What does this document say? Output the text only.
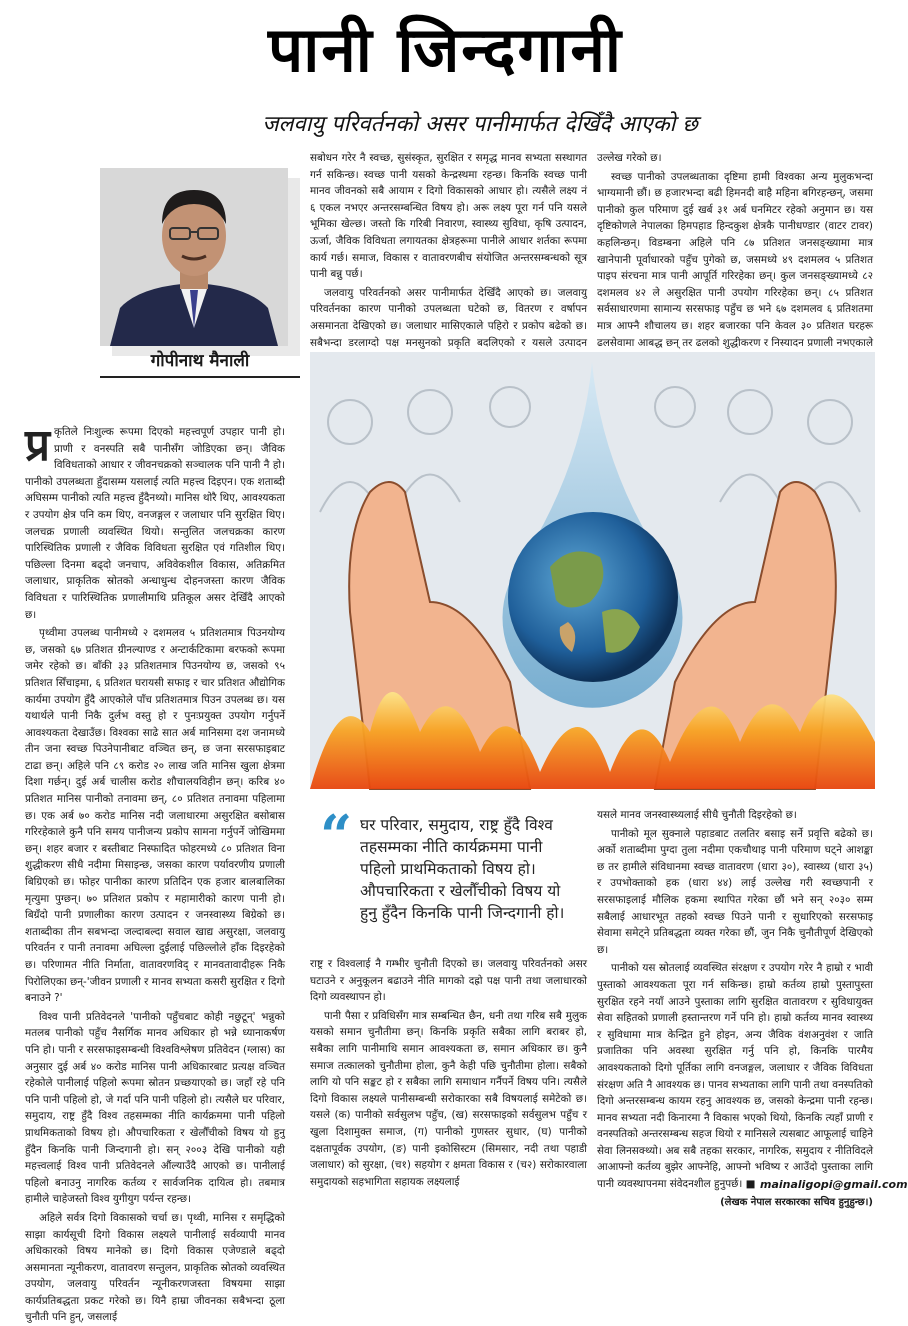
पानी जिन्दगानी
जलवायु परिवर्तनको असर पानीमार्फत देखिँदै आएको छ
गोपीनाथ मैनाली

प्र कृतिले निःशुल्क रूपमा दिएको महत्त्वपूर्ण उपहार पानी हो। प्राणी र वनस्पति सबै पानीसँग जोडिएका छन्। जैविक विविधताको आधार र जीवनचक्रको सञ्चालक पनि पानी नै हो। पानीको उपलब्धता हुँदासम्म यसलाई त्यति महत्त्व दिइएन। एक शताब्दी अघिसम्म पानीको त्यति महत्त्व हुँदैनथ्यो। मानिस थोरै थिए, आवश्यकता र उपयोग क्षेत्र पनि कम थिए, वनजङ्गल र जलाधार पनि सुरक्षित थिए। जलचक्र प्रणाली व्यवस्थित थियो। सन्तुलित जलचक्रका कारण पारिस्थितिक प्रणाली र जैविक विविधता सुरक्षित एवं गतिशील थिए। पछिल्ला दिनमा बढ्दो जनचाप, अविवेकशील विकास, अतिक्रमित जलाधार, प्राकृतिक स्रोतको अन्धाधुन्ध दोहनजस्ता कारण जैविक विविधता र पारिस्थितिक प्रणालीमाथि प्रतिकूल असर देखिँदै आएको छ।

पृथ्वीमा उपलब्ध पानीमध्ये २ दशमलव ५ प्रतिशतमात्र पिउनयोग्य छ, जसको ६७ प्रतिशत ग्रीनल्याण्ड र अन्टार्कटिकामा बरफको रूपमा जमेर रहेको छ। बाँकी ३३ प्रतिशतमात्र पिउनयोग्य छ, जसको ९५ प्रतिशत सिँचाइमा, ६ प्रतिशत घरायसी सफाइ र चार प्रतिशत औद्योगिक कार्यमा उपयोग हुँदै आएकोले पाँच प्रतिशतमात्र पिउन उपलब्ध छ। यस यथार्थले पानी निकै दुर्लभ वस्तु हो र पुनःप्रयुक्त उपयोग गर्नुपर्ने आवश्यकता देखाउँछ। विश्वका साढे सात अर्ब मानिसमा दश जनामध्ये तीन जना स्वच्छ पिउनेपानीबाट वञ्चित छन्, छ जना सरसफाइबाट टाढा छन्। अहिले पनि ८९ करोड २० लाख जति मानिस खुला क्षेत्रमा दिशा गर्छन्। दुई अर्ब चालीस करोड शौचालयविहीन छन्। करिब ४० प्रतिशत मानिस पानीको तनावमा छन्, ८० प्रतिशत तनावमा पहिलामा छ। एक अर्ब ७० करोड मानिस नदी जलाधारमा असुरक्षित बसोबास गरिरहेकाले कुनै पनि समय पानीजन्य प्रकोप सामना गर्नुपर्ने जोखिममा छन्। शहर बजार र बस्तीबाट निस्फादित फोहरमध्ये ८० प्रतिशत विना शुद्धीकरण सीधै नदीमा मिसाइन्छ, जसका कारण पर्यावरणीय प्रणाली बिग्रिएको छ। फोहर पानीका कारण प्रतिदिन एक हजार बालबालिका मृत्युमा पुग्छन्। ७० प्रतिशत प्रकोप र महामारीको कारण पानी हो। बिग्रँदो पानी प्रणालीका कारण उत्पादन र जनस्वास्थ्य बिग्रेको छ। शताब्दीका तीन सबभन्दा जल्दाबल्दा सवाल खाद्य असुरक्षा, जलवायु परिवर्तन र पानी तनावमा अघिल्ला दुईलाई पछिल्लोले हाँक दिइरहेको छ। परिणामत नीति निर्माता, वातावरणविद् र मानवतावादीहरू निकै पिरोलिएका छन्-'जीवन प्रणाली र मानव सभ्यता कसरी सुरक्षित र दिगो बनाउने ?'

विश्व पानी प्रतिवेदनले 'पानीको पहुँचबाट कोही नछुटून्' भन्नुको मतलब पानीको पहुँच नैसर्गिक मानव अधिकार हो भन्ने ध्यानाकर्षण पनि हो। पानी र सरसफाइसम्बन्धी विश्वविश्लेषण प्रतिवेदन (ग्लास) का अनुसार दुई अर्ब ४० करोड मानिस पानी अधिकारबाट प्रत्यक्ष वञ्चित रहेकोले पानीलाई पहिलो रूपमा स्रोतन प्रच्छयाएको छ। जहाँ रहे पनि पनि पानी पहिलो हो, जे गर्दा पनि पानी पहिलो हो। त्यसैले घर परिवार, समुदाय, राष्ट्र हुँदै विश्व तहसम्मका नीति कार्यक्रममा पानी पहिलो प्राथमिकताको विषय हो। औपचारिकता र खेलौँचीको विषय यो हुनु हुँदैन किनकि पानी जिन्दगानी हो। सन् २००३ देखि पानीको यही महत्त्वलाई विश्व पानी प्रतिवेदनले औंल्याउँदै आएको छ। पानीलाई पहिलो बनाउनु नागरिक कर्तव्य र सार्वजनिक दायित्व हो। तबमात्र हामीले चाहेजस्तो विश्व युगीयुग पर्यन्त रहन्छ।

अहिले सर्वत्र दिगो विकासको चर्चा छ। पृथ्वी, मानिस र समृद्धिको साझा कार्यसूची दिगो विकास लक्ष्यले पानीलाई सर्वव्यापी मानव अधिकारको विषय मानेको छ। दिगो विकास एजेण्डाले बढ्दो असमानता न्यूनीकरण, वातावरण सन्तुलन, प्राकृतिक स्रोतको व्यवस्थित उपयोग, जलवायु परिवर्तन न्यूनीकरणजस्ता विषयमा साझा कार्यप्रतिबद्धता प्रकट गरेको छ। यिनै हाम्रा जीवनका सबैभन्दा ठूला चुनौती पनि हुन्, जसलाई

सबोधन गरेर नै स्वच्छ, सुसंस्कृत, सुरक्षित र समृद्ध मानव सभ्यता सस्थागत गर्न सकिन्छ। स्वच्छ पानी यसको केन्द्रस्थमा रहन्छ। किनकि स्वच्छ पानी मानव जीवनको सबै आयाम र दिगो विकासको आधार हो। त्यसैले लक्ष्य नं ६ एकल नभएर अन्तरसम्बन्धित विषय हो। अरू लक्ष्य पूरा गर्न पनि यसले भूमिका खेल्छ। जस्तो कि गरिबी निवारण, स्वास्थ्य सुविधा, कृषि उत्पादन, ऊर्जा, जैविक विविधता लगायतका क्षेत्रहरूमा पानीले आधार शर्तका रूपमा कार्य गर्छ। समाज, विकास र वातावरणबीच संयोजित अन्तरसम्बन्धको सूत्र पानी बन्नु पर्छ।

जलवायु परिवर्तनको असर पानीमार्फत देखिँदै आएको छ। जलवायु परिवर्तनका कारण पानीको उपलब्धता घटेको छ, वितरण र वर्षापन असमानता देखिएको छ। जलाधार मासिएकाले पहिरो र प्रकोप बढेको छ। सबैभन्दा डरलाग्दो पक्ष मनसुनको प्रकृति बदलिएको र यसले उत्पादन

उल्लेख गरेको छ।

स्वच्छ पानीको उपलब्धताका दृष्टिमा हामी विश्वका अन्य मुलुकभन्दा भाग्यमानी छौं। छ हजारभन्दा बढी हिमनदी बाहै महिना बगिरहन्छन्, जसमा पानीको कुल परिमाण दुई खर्ब ३१ अर्ब घनमिटर रहेको अनुमान छ। यस दृष्टिकोणले नेपालका हिमपहाड हिन्दकुश क्षेत्रकै पानीधण्डार (वाटर टावर) कहलिन्छन्। विडम्बना अहिले पनि ८७ प्रतिशत जनसङ्ख्यामा मात्र खानेपानी पूर्वाधारको पहुँच पुगेको छ, जसमध्ये ४९ दशमलव ५ प्रतिशत पाइप संरचना मात्र पानी आपूर्ति गरिरहेका छन्। कुल जनसङ्ख्यामध्ये ८२ दशमलव ४२ ले असुरक्षित पानी उपयोग गरिरहेका छन्। ८५ प्रतिशत सर्वसाधारणमा सामान्य सरसफाइ पहुँच छ भने ६७ दशमलव ६ प्रतिशतमा मात्र आफ्नै शौचालय छ। शहर बजारका पनि केवल ३० प्रतिशत घरहरू ढलसेवामा आबद्ध छन् तर ढलको शुद्धीकरण र निस्यादन प्रणाली नभएकाले

“ घर परिवार, समुदाय, राष्ट्र हुँदै विश्व तहसम्मका नीति कार्यक्रममा पानी पहिलो प्राथमिकताको विषय हो। औपचारिकता र खेलौँचीको विषय यो हुनु हुँदैन किनकि पानी जिन्दगानी हो।

राष्ट्र र विश्वलाई नै गम्भीर चुनौती दिएको छ। जलवायु परिवर्तनको असर घटाउने र अनुकूलन बढाउने नीति मागको दह्रो पक्ष पानी तथा जलाधारको दिगो व्यवस्थापन हो।

पानी पैसा र प्रविधिसँग मात्र सम्बन्धित छैन, धनी तथा गरिब सबै मुलुक यसको समान चुनौतीमा छन्। किनकि प्रकृति सबैका लागि बराबर हो, सबैका लागि पानीमाथि समान आवश्यकता छ, समान अधिकार छ। कुनै समाज तत्कालको चुनौतीमा होला, कुनै केही पछि चुनौतीमा होला। सबैको लागि यो पनि सङ्कट हो र सबैका लागि समाधान गर्नैपर्ने विषय पनि। त्यसैले दिगो विकास लक्ष्यले पानीसम्बन्धी सरोकारका सबै विषयलाई समेटेको छ। यसले (क) पानीको सर्वसुलभ पहुँच, (ख) सरसफाइको सर्वसुलभ पहुँच र खुला दिशामुक्त समाज, (ग) पानीको गुणस्तर सुधार, (घ) पानीको दक्षतापूर्वक उपयोग, (ङ) पानी इकोसिस्टम (सिमसार, नदी तथा पहाडी जलाधार) को सुरक्षा, (च१) सहयोग र क्षमता विकास र (च२) सरोकारवाला समुदायको सहभागिता सहायक लक्ष्यलाई

यसले मानव जनस्वास्थ्यलाई सीधै चुनौती दिइरहेको छ।

पानीको मूल सुक्नाले पहाडबाट तलतिर बसाइ सर्ने प्रवृत्ति बढेको छ। अर्को शताब्दीमा पुग्दा तुला नदीमा एकचौथाइ पानी परिमाण घट्ने आशङ्का छ तर हामीले संविधानमा स्वच्छ वातावरण (धारा ३०), स्वास्थ्य (धारा ३५) र उपभोक्ताको हक (धारा ४४) लाई उल्लेख गरी स्वच्छपानी र सरसफाइलाई मौलिक हकमा स्थापित गरेका छौं भने सन् २०३० सम्म सबैलाई आधारभूत तहको स्वच्छ पिउने पानी र सुधारिएको सरसफाइ सेवामा समेट्ने प्रतिबद्धता व्यक्त गरेका छौं, जुन निकै चुनौतीपूर्ण देखिएको छ।

पानीको यस स्रोतलाई व्यवस्थित संरक्षण र उपयोग गरेर नै हाम्रो र भावी पुस्ताको आवश्यकता पूरा गर्न सकिन्छ। हाम्रो कर्तव्य हाम्रो पुस्तापुस्ता सुरक्षित रहने नयाँ आउने पुस्ताका लागि सुरक्षित वातावरण र सुविधायुक्त सेवा सहितको प्रणाली हस्तान्तरण गर्ने पनि हो। हाम्रो कर्तव्य मानव स्वास्थ्य र सुविधामा मात्र केन्द्रित हुने होइन, अन्य जैविक वंशअनुवंश र जाति प्रजातिका पनि अवस्था सुरक्षित गर्नु पनि हो, किनकि पारमैय आवश्यकताको दिगो पूर्तिका लागि वनजङ्गल, जलाधार र जैविक विविधता संरक्षण अति नै आवश्यक छ। पानव सभ्यताका लागि पानी तथा वनस्पतिको दिगो अन्तरसम्बन्ध कायम रहनु आवश्यक छ, जसको केन्द्रमा पानी रहन्छ। मानव सभ्यता नदी किनारमा नै विकास भएको थियो, किनकि त्यहाँ प्राणी र वनस्पतिको अन्तरसम्बन्ध सहज थियो र मानिसले त्यसबाट आफूलाई चाहिने सेवा लिनसक्थ्यो। अब सबै तहका सरकार, नागरिक, समुदाय र नीतिविदले आआफ्नो कर्तव्य बुझेर आफ्नेहि, आफ्नो भविष्य र आउँदो पुस्ताका लागि पानी व्यवस्थापनमा संवेदनशील हुनुपर्छ। ■

(लेखक नेपाल सरकारका सचिव हुनुहुन्छ।)

mainaligopi@gmail.com
